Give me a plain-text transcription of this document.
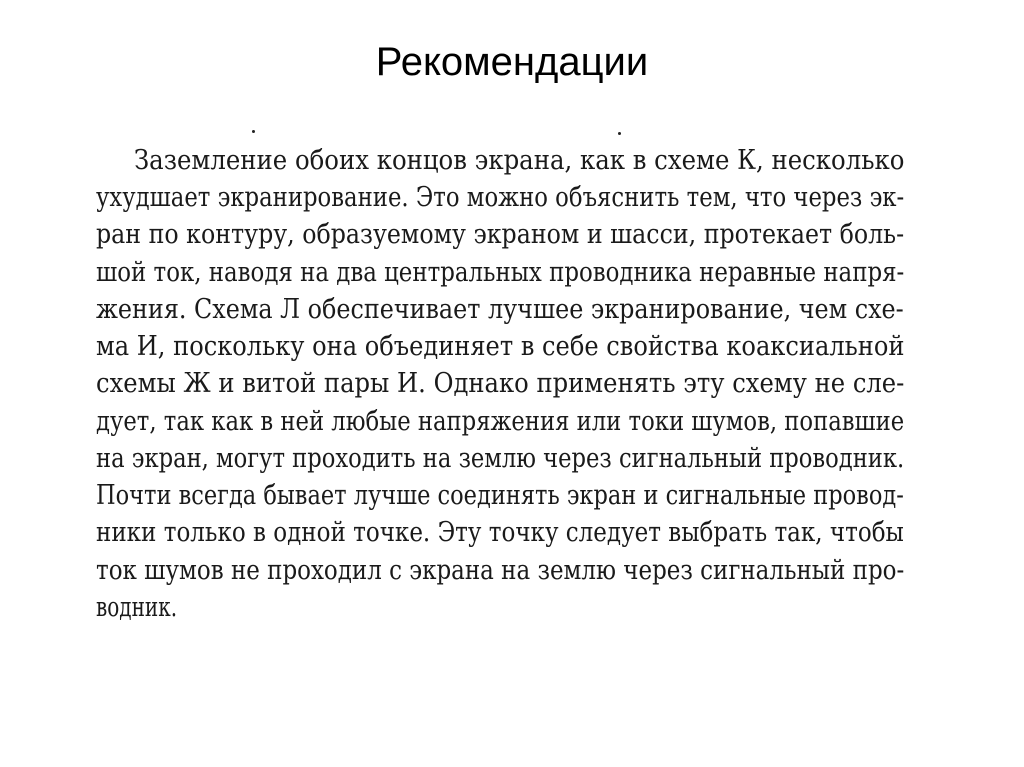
Рекомендации
Заземление обоих концов экрана, как в схеме К, несколько
ухудшает экранирование. Это можно объяснить тем, что через эк-
ран по контуру, образуемому экраном и шасси, протекает боль-
шой ток, наводя на два центральных проводника неравные напря-
жения. Схема Л обеспечивает лучшее экранирование, чем схе-
ма И, поскольку она объединяет в себе свойства коаксиальной
схемы Ж и витой пары И. Однако применять эту схему не сле-
дует, так как в ней любые напряжения или токи шумов, попавшие
на экран, могут проходить на землю через сигнальный проводник.
Почти всегда бывает лучше соединять экран и сигнальные провод-
ники только в одной точке. Эту точку следует выбрать так, чтобы
ток шумов не проходил с экрана на землю через сигнальный про-
водник.
